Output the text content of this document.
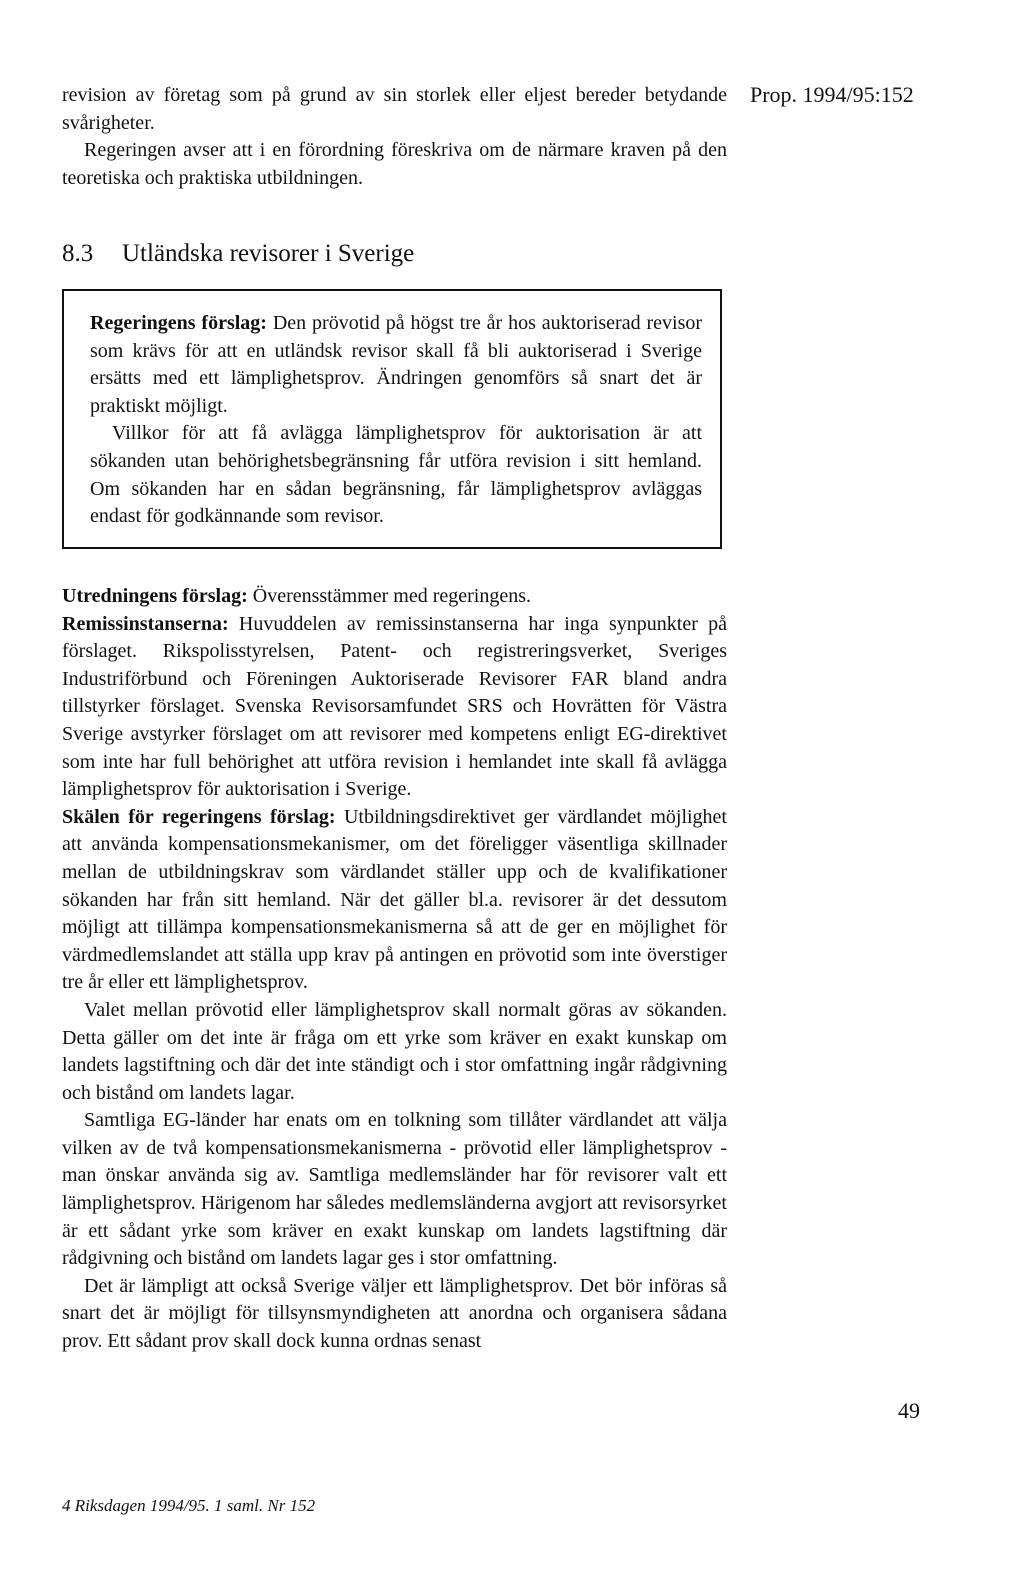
Prop. 1994/95:152

revision av företag som på grund av sin storlek eller eljest bereder betydande svårigheter.

Regeringen avser att i en förordning föreskriva om de närmare kraven på den teoretiska och praktiska utbildningen.

8.3 Utländska revisorer i Sverige

Regeringens förslag: Den prövotid på högst tre år hos auktoriserad revisor som krävs för att en utländsk revisor skall få bli auktoriserad i Sverige ersätts med ett lämplighetsprov. Ändringen genomförs så snart det är praktiskt möjligt.

Villkor för att få avlägga lämplighetsprov för auktorisation är att sökanden utan behörighetsbegränsning får utföra revision i sitt hemland. Om sökanden har en sådan begränsning, får lämplighetsprov avläggas endast för godkännande som revisor.

Utredningens förslag: Överensstämmer med regeringens.

Remissinstanserna: Huvuddelen av remissinstanserna har inga synpunkter på förslaget. Rikspolisstyrelsen, Patent- och registreringsverket, Sveriges Industriförbund och Föreningen Auktoriserade Revisorer FAR bland andra tillstyrker förslaget. Svenska Revisorsamfundet SRS och Hovrätten för Västra Sverige avstyrker förslaget om att revisorer med kompetens enligt EG-direktivet som inte har full behörighet att utföra revision i hemlandet inte skall få avlägga lämplighetsprov för auktorisation i Sverige.

Skälen för regeringens förslag: Utbildningsdirektivet ger värdlandet möjlighet att använda kompensationsmekanismer, om det föreligger väsentliga skillnader mellan de utbildningskrav som värdlandet ställer upp och de kvalifikationer sökanden har från sitt hemland. När det gäller bl.a. revisorer är det dessutom möjligt att tillämpa kompensationsmekanismerna så att de ger en möjlighet för värdmedlemslandet att ställa upp krav på antingen en prövotid som inte överstiger tre år eller ett lämplighetsprov.

Valet mellan prövotid eller lämplighetsprov skall normalt göras av sökanden. Detta gäller om det inte är fråga om ett yrke som kräver en exakt kunskap om landets lagstiftning och där det inte ständigt och i stor omfattning ingår rådgivning och bistånd om landets lagar.

Samtliga EG-länder har enats om en tolkning som tillåter värdlandet att välja vilken av de två kompensationsmekanismerna - prövotid eller lämplighetsprov - man önskar använda sig av. Samtliga medlemsländer har för revisorer valt ett lämplighetsprov. Härigenom har således medlemsländerna avgjort att revisorsyrket är ett sådant yrke som kräver en exakt kunskap om landets lagstiftning där rådgivning och bistånd om landets lagar ges i stor omfattning.

Det är lämpligt att också Sverige väljer ett lämplighetsprov. Det bör införas så snart det är möjligt för tillsynsmyndigheten att anordna och organisera sådana prov. Ett sådant prov skall dock kunna ordnas senast

49
4 Riksdagen 1994/95. 1 saml. Nr 152
